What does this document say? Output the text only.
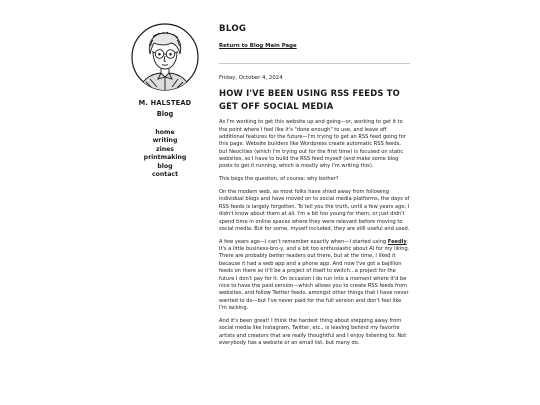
M. HALSTEAD
Blog
home
writing
zines
printmaking
blog
contact
BLOG
Return to Blog Main Page
Friday, October 4, 2024
HOW I'VE BEEN USING RSS FEEDS TO GET OFF SOCIAL MEDIA

As I'm working to get this website up and going—or, working to get it to the point where I feel like it's "done enough" to use, and leave off additional features for the future—I'm trying to get an RSS feed going for this page. Website builders like Wordpress create automatic RSS feeds, but Neocities (which I'm trying out for the first time) is focused on static websites, so I have to build the RSS feed myself (and make some blog posts to get it running, which is mostly why I'm writing this).

This begs the question, of course: why bother?

On the modern web, as most folks have shied away from following individual blogs and have moved on to social media platforms, the days of RSS feeds is largely forgotten. To tell you the truth, until a few years ago, I didn't know about them at all. I'm a bit too young for them, or just didn't spend time in online spaces where they were relevant before moving to social media. But for some, myself included, they are still useful and used.

A few years ago—I can't remember exactly when—I started using Feedly. It's a little business-bro-y, and a bit too enthusiastic about AI for my liking. There are probably better readers out there, but at the time, I liked it because it had a web app and a phone app. And now I've got a bajillion feeds on there so it'll be a project of itself to switch...a project for the future I don't pay for it. On occasion I do run into a moment where it'd be nice to have the paid version—which allows you to create RSS feeds from websites, and follow Twitter feeds, amongst other things that I have never wanted to do—but I've never paid for the full version and don't feel like I'm lacking.

And it's been great! I think the hardest thing about stepping away from social media like Instagram, Twitter, etc., is leaving behind my favorite artists and creators that are really thoughtful and I enjoy listening to. Not everybody has a website or an email list, but many do.
